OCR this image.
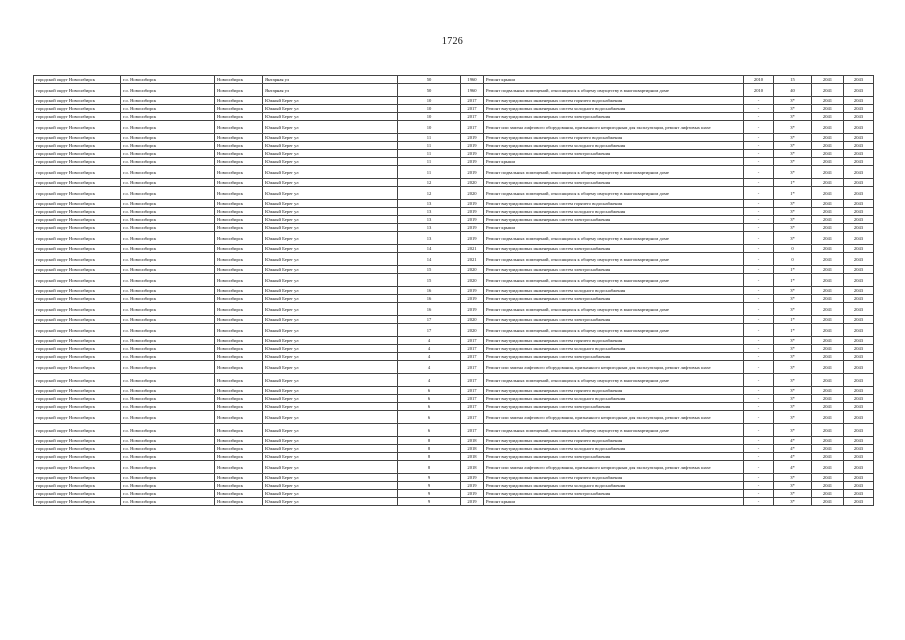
1726
городской округ Новосибирск	г.о. Новосибирск	Новосибирск	Янтарная ул	50	1960	Ремонт крыши	2010	15	2041	2043
городской округ Новосибирск	г.о. Новосибирск	Новосибирск	Янтарная ул	50	1960	Ремонт подвальных помещений, относящихся к общему имуществу в многоквартирном доме	2010	40	2041	2043
городской округ Новосибирск	г.о. Новосибирск	Новосибирск	Южный Берег ул	10	2017	Ремонт внутридомовых инженерных систем горячего водоснабжения	-	3*	2041	2043
городской округ Новосибирск	г.о. Новосибирск	Новосибирск	Южный Берег ул	10	2017	Ремонт внутридомовых инженерных систем холодного водоснабжения	-	3*	2041	2043
городской округ Новосибирск	г.о. Новосибирск	Новосибирск	Южный Берег ул	10	2017	Ремонт внутридомовых инженерных систем электроснабжения	-	3*	2041	2043
городской округ Новосибирск	г.о. Новосибирск	Новосибирск	Южный Берег ул	10	2017	Ремонт или замена лифтового оборудования, признанного непригодным для эксплуатации, ремонт лифтовых шахт	-	3*	2041	2043
городской округ Новосибирск	г.о. Новосибирск	Новосибирск	Южный Берег ул	11	2019	Ремонт внутридомовых инженерных систем горячего водоснабжения	-	3*	2041	2043
городской округ Новосибирск	г.о. Новосибирск	Новосибирск	Южный Берег ул	11	2019	Ремонт внутридомовых инженерных систем холодного водоснабжения	-	3*	2041	2043
городской округ Новосибирск	г.о. Новосибирск	Новосибирск	Южный Берег ул	11	2019	Ремонт внутридомовых инженерных систем электроснабжения	-	3*	2041	2043
городской округ Новосибирск	г.о. Новосибирск	Новосибирск	Южный Берег ул	11	2019	Ремонт крыши	-	3*	2041	2043
городской округ Новосибирск	г.о. Новосибирск	Новосибирск	Южный Берег ул	11	2019	Ремонт подвальных помещений, относящихся к общему имуществу в многоквартирном доме	-	3*	2041	2043
городской округ Новосибирск	г.о. Новосибирск	Новосибирск	Южный Берег ул	12	2020	Ремонт внутридомовых инженерных систем электроснабжения	-	1*	2041	2043
городской округ Новосибирск	г.о. Новосибирск	Новосибирск	Южный Берег ул	12	2020	Ремонт подвальных помещений, относящихся к общему имуществу в многоквартирном доме	-	1*	2041	2043
городской округ Новосибирск	г.о. Новосибирск	Новосибирск	Южный Берег ул	13	2019	Ремонт внутридомовых инженерных систем горячего водоснабжения	-	3*	2041	2043
городской округ Новосибирск	г.о. Новосибирск	Новосибирск	Южный Берег ул	13	2019	Ремонт внутридомовых инженерных систем холодного водоснабжения	-	3*	2041	2043
городской округ Новосибирск	г.о. Новосибирск	Новосибирск	Южный Берег ул	13	2019	Ремонт внутридомовых инженерных систем электроснабжения	-	3*	2041	2043
городской округ Новосибирск	г.о. Новосибирск	Новосибирск	Южный Берег ул	13	2019	Ремонт крыши	-	3*	2041	2043
городской округ Новосибирск	г.о. Новосибирск	Новосибирск	Южный Берег ул	13	2019	Ремонт подвальных помещений, относящихся к общему имуществу в многоквартирном доме	-	3*	2041	2043
городской округ Новосибирск	г.о. Новосибирск	Новосибирск	Южный Берег ул	14	2021	Ремонт внутридомовых инженерных систем электроснабжения	-	0	2041	2043
городской округ Новосибирск	г.о. Новосибирск	Новосибирск	Южный Берег ул	14	2021	Ремонт подвальных помещений, относящихся к общему имуществу в многоквартирном доме	-	0	2041	2043
городской округ Новосибирск	г.о. Новосибирск	Новосибирск	Южный Берег ул	15	2020	Ремонт внутридомовых инженерных систем электроснабжения	-	1*	2041	2043
городской округ Новосибирск	г.о. Новосибирск	Новосибирск	Южный Берег ул	15	2020	Ремонт подвальных помещений, относящихся к общему имуществу в многоквартирном доме	-	1*	2041	2043
городской округ Новосибирск	г.о. Новосибирск	Новосибирск	Южный Берег ул	16	2019	Ремонт внутридомовых инженерных систем холодного водоснабжения	-	3*	2041	2043
городской округ Новосибирск	г.о. Новосибирск	Новосибирск	Южный Берег ул	16	2019	Ремонт внутридомовых инженерных систем электроснабжения	-	3*	2041	2043
городской округ Новосибирск	г.о. Новосибирск	Новосибирск	Южный Берег ул	16	2019	Ремонт подвальных помещений, относящихся к общему имуществу в многоквартирном доме	-	3*	2041	2043
городской округ Новосибирск	г.о. Новосибирск	Новосибирск	Южный Берег ул	17	2020	Ремонт внутридомовых инженерных систем электроснабжения	-	1*	2041	2043
городской округ Новосибирск	г.о. Новосибирск	Новосибирск	Южный Берег ул	17	2020	Ремонт подвальных помещений, относящихся к общему имуществу в многоквартирном доме	-	1*	2041	2043
городской округ Новосибирск	г.о. Новосибирск	Новосибирск	Южный Берег ул	4	2017	Ремонт внутридомовых инженерных систем горячего водоснабжения	-	3*	2041	2043
городской округ Новосибирск	г.о. Новосибирск	Новосибирск	Южный Берег ул	4	2017	Ремонт внутридомовых инженерных систем холодного водоснабжения	-	3*	2041	2043
городской округ Новосибирск	г.о. Новосибирск	Новосибирск	Южный Берег ул	4	2017	Ремонт внутридомовых инженерных систем электроснабжения	-	3*	2041	2043
городской округ Новосибирск	г.о. Новосибирск	Новосибирск	Южный Берег ул	4	2017	Ремонт или замена лифтового оборудования, признанного непригодным для эксплуатации, ремонт лифтовых шахт	-	3*	2041	2043
городской округ Новосибирск	г.о. Новосибирск	Новосибирск	Южный Берег ул	4	2017	Ремонт подвальных помещений, относящихся к общему имуществу в многоквартирном доме	-	3*	2041	2043
городской округ Новосибирск	г.о. Новосибирск	Новосибирск	Южный Берег ул	6	2017	Ремонт внутридомовых инженерных систем горячего водоснабжения	-	3*	2041	2043
городской округ Новосибирск	г.о. Новосибирск	Новосибирск	Южный Берег ул	6	2017	Ремонт внутридомовых инженерных систем холодного водоснабжения	-	3*	2041	2043
городской округ Новосибирск	г.о. Новосибирск	Новосибирск	Южный Берег ул	6	2017	Ремонт внутридомовых инженерных систем электроснабжения	-	3*	2041	2043
городской округ Новосибирск	г.о. Новосибирск	Новосибирск	Южный Берег ул	6	2017	Ремонт или замена лифтового оборудования, признанного непригодным для эксплуатации, ремонт лифтовых шахт	-	3*	2041	2043
городской округ Новосибирск	г.о. Новосибирск	Новосибирск	Южный Берег ул	6	2017	Ремонт подвальных помещений, относящихся к общему имуществу в многоквартирном доме	-	3*	2041	2043
городской округ Новосибирск	г.о. Новосибирск	Новосибирск	Южный Берег ул	8	2018	Ремонт внутридомовых инженерных систем горячего водоснабжения	-	4*	2041	2043
городской округ Новосибирск	г.о. Новосибирск	Новосибирск	Южный Берег ул	8	2018	Ремонт внутридомовых инженерных систем холодного водоснабжения	-	4*	2041	2043
городской округ Новосибирск	г.о. Новосибирск	Новосибирск	Южный Берег ул	8	2018	Ремонт внутридомовых инженерных систем электроснабжения	-	4*	2041	2043
городской округ Новосибирск	г.о. Новосибирск	Новосибирск	Южный Берег ул	8	2018	Ремонт или замена лифтового оборудования, признанного непригодным для эксплуатации, ремонт лифтовых шахт	-	4*	2041	2043
городской округ Новосибирск	г.о. Новосибирск	Новосибирск	Южный Берег ул	9	2019	Ремонт внутридомовых инженерных систем горячего водоснабжения	-	3*	2041	2043
городской округ Новосибирск	г.о. Новосибирск	Новосибирск	Южный Берег ул	9	2019	Ремонт внутридомовых инженерных систем холодного водоснабжения	-	3*	2041	2043
городской округ Новосибирск	г.о. Новосибирск	Новосибирск	Южный Берег ул	9	2019	Ремонт внутридомовых инженерных систем электроснабжения	-	3*	2041	2043
городской округ Новосибирск	г.о. Новосибирск	Новосибирск	Южный Берег ул	9	2019	Ремонт крыши	-	3*	2041	2043
